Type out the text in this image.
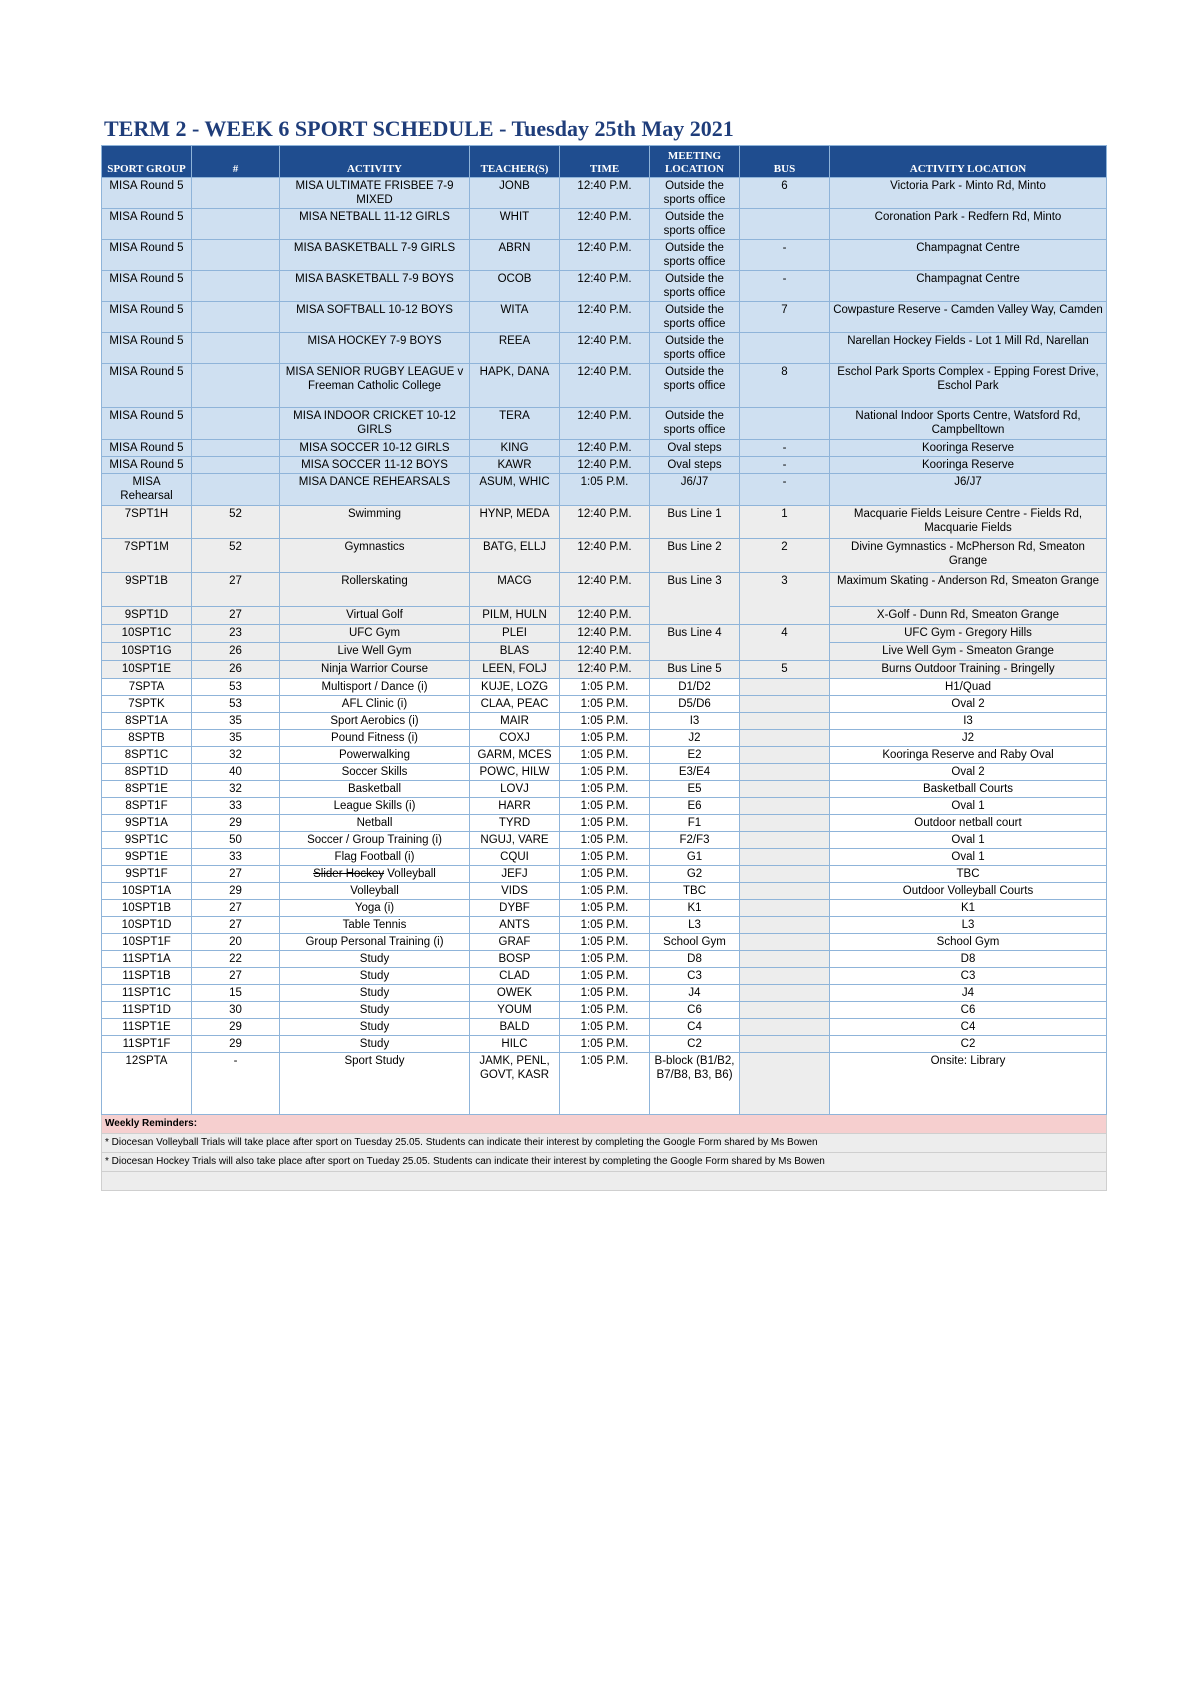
TERM 2 - WEEK 6 SPORT SCHEDULE - Tuesday 25th May 2021
SPORT GROUP	#	ACTIVITY	TEACHER(S)	TIME	MEETING LOCATION	BUS	ACTIVITY LOCATION
MISA Round 5		MISA ULTIMATE FRISBEE 7-9 MIXED	JONB	12:40 P.M.	Outside the sports office	6	Victoria Park - Minto Rd, Minto
MISA Round 5		MISA NETBALL 11-12 GIRLS	WHIT	12:40 P.M.	Outside the sports office		Coronation Park - Redfern Rd, Minto
MISA Round 5		MISA BASKETBALL 7-9 GIRLS	ABRN	12:40 P.M.	Outside the sports office	-	Champagnat Centre
MISA Round 5		MISA BASKETBALL 7-9 BOYS	OCOB	12:40 P.M.	Outside the sports office	-	Champagnat Centre
MISA Round 5		MISA SOFTBALL 10-12 BOYS	WITA	12:40 P.M.	Outside the sports office	7	Cowpasture Reserve - Camden Valley Way, Camden
MISA Round 5		MISA HOCKEY 7-9 BOYS	REEA	12:40 P.M.	Outside the sports office		Narellan Hockey Fields - Lot 1 Mill Rd, Narellan
MISA Round 5		MISA SENIOR RUGBY LEAGUE v Freeman Catholic College	HAPK, DANA	12:40 P.M.	Outside the sports office	8	Eschol Park Sports Complex - Epping Forest Drive, Eschol Park
MISA Round 5		MISA INDOOR CRICKET 10-12 GIRLS	TERA	12:40 P.M.	Outside the sports office		National Indoor Sports Centre, Watsford Rd, Campbelltown
MISA Round 5		MISA SOCCER 10-12 GIRLS	KING	12:40 P.M.	Oval steps	-	Kooringa Reserve
MISA Round 5		MISA SOCCER 11-12 BOYS	KAWR	12:40 P.M.	Oval steps	-	Kooringa Reserve
MISA Rehearsal		MISA DANCE REHEARSALS	ASUM, WHIC	1:05 P.M.	J6/J7	-	J6/J7
7SPT1H	52	Swimming	HYNP, MEDA	12:40 P.M.	Bus Line 1	1	Macquarie Fields Leisure Centre - Fields Rd, Macquarie Fields
7SPT1M	52	Gymnastics	BATG, ELLJ	12:40 P.M.	Bus Line 2	2	Divine Gymnastics - McPherson Rd, Smeaton Grange
9SPT1B	27	Rollerskating	MACG	12:40 P.M.	Bus Line 3	3	Maximum Skating - Anderson Rd, Smeaton Grange
9SPT1D	27	Virtual Golf	PILM, HULN	12:40 P.M.			X-Golf - Dunn Rd, Smeaton Grange
10SPT1C	23	UFC Gym	PLEI	12:40 P.M.	Bus Line 4	4	UFC Gym - Gregory Hills
10SPT1G	26	Live Well Gym	BLAS	12:40 P.M.			Live Well Gym - Smeaton Grange
10SPT1E	26	Ninja Warrior Course	LEEN, FOLJ	12:40 P.M.	Bus Line 5	5	Burns Outdoor Training - Bringelly
7SPTA	53	Multisport / Dance (i)	KUJE, LOZG	1:05 P.M.	D1/D2		H1/Quad
7SPTK	53	AFL Clinic (i)	CLAA, PEAC	1:05 P.M.	D5/D6		Oval 2
8SPT1A	35	Sport Aerobics (i)	MAIR	1:05 P.M.	I3		I3
8SPTB	35	Pound Fitness (i)	COXJ	1:05 P.M.	J2		J2
8SPT1C	32	Powerwalking	GARM, MCES	1:05 P.M.	E2		Kooringa Reserve and Raby Oval
8SPT1D	40	Soccer Skills	POWC, HILW	1:05 P.M.	E3/E4		Oval 2
8SPT1E	32	Basketball	LOVJ	1:05 P.M.	E5		Basketball Courts
8SPT1F	33	League Skills (i)	HARR	1:05 P.M.	E6		Oval 1
9SPT1A	29	Netball	TYRD	1:05 P.M.	F1		Outdoor netball court
9SPT1C	50	Soccer / Group Training (i)	NGUJ, VARE	1:05 P.M.	F2/F3		Oval 1
9SPT1E	33	Flag Football (i)	CQUI	1:05 P.M.	G1		Oval 1
9SPT1F	27	Slider Hockey Volleyball	JEFJ	1:05 P.M.	G2		TBC
10SPT1A	29	Volleyball	VIDS	1:05 P.M.	TBC		Outdoor Volleyball Courts
10SPT1B	27	Yoga (i)	DYBF	1:05 P.M.	K1		K1
10SPT1D	27	Table Tennis	ANTS	1:05 P.M.	L3		L3
10SPT1F	20	Group Personal Training (i)	GRAF	1:05 P.M.	School Gym		School Gym
11SPT1A	22	Study	BOSP	1:05 P.M.	D8		D8
11SPT1B	27	Study	CLAD	1:05 P.M.	C3		C3
11SPT1C	15	Study	OWEK	1:05 P.M.	J4		J4
11SPT1D	30	Study	YOUM	1:05 P.M.	C6		C6
11SPT1E	29	Study	BALD	1:05 P.M.	C4		C4
11SPT1F	29	Study	HILC	1:05 P.M.	C2		C2
12SPTA	-	Sport Study	JAMK, PENL, GOVT, KASR	1:05 P.M.	B-block (B1/B2, B7/B8, B3, B6)		Onsite: Library
Weekly Reminders:							
* Diocesan Volleyball Trials will take place after sport on Tuesday 25.05. Students can indicate their interest by completing the Google Form shared by Ms Bowen							
* Diocesan Hockey Trials will also take place after sport on Tueday 25.05. Students can indicate their interest by completing the Google Form shared by Ms Bowen							
